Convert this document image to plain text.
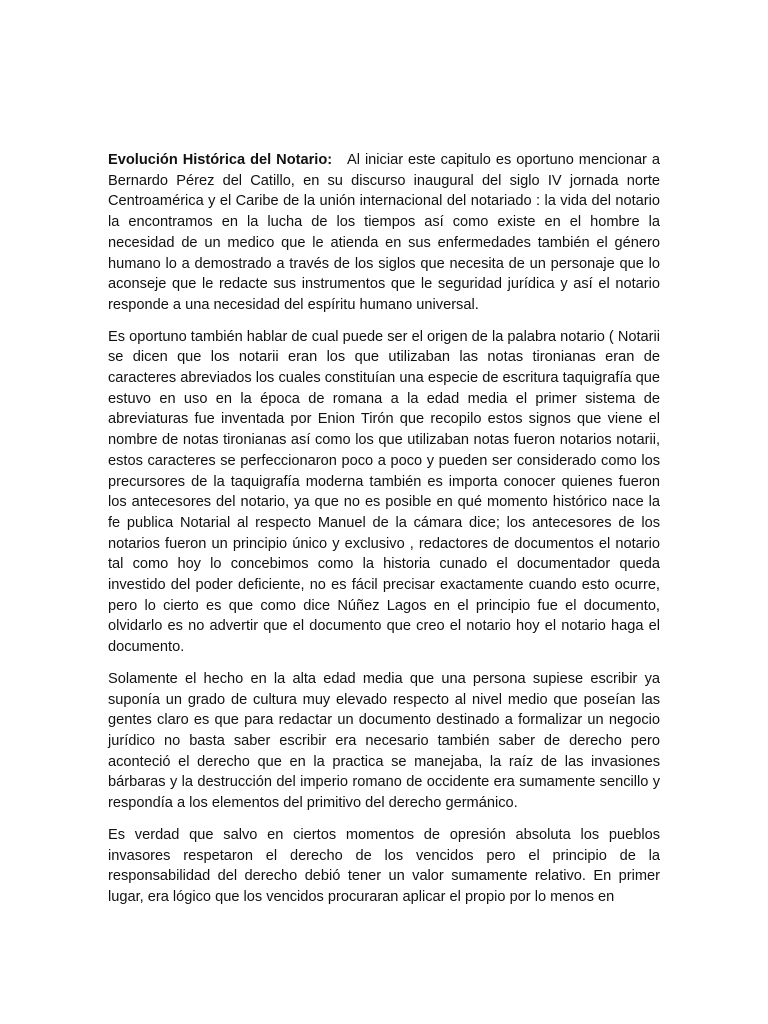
Evolución Histórica del Notario:   Al iniciar este capitulo es oportuno mencionar a Bernardo Pérez del Catillo, en su discurso inaugural del siglo IV jornada norte Centroamérica y el Caribe de la unión internacional del notariado : la vida del notario la encontramos en la lucha de los tiempos así como existe en el hombre la necesidad de un medico que le atienda en sus enfermedades también el género humano lo a demostrado a través de los siglos que necesita de un personaje que lo aconseje que le redacte sus instrumentos que le seguridad jurídica y así el notario responde a una necesidad del espíritu humano universal.

Es oportuno también hablar de cual puede ser el origen de la palabra notario ( Notarii se dicen que los notarii eran los que utilizaban las notas tironianas eran de caracteres abreviados los cuales constituían una especie de escritura taquigrafía que estuvo en uso en la época de romana a la edad media el primer sistema de abreviaturas fue inventada por Enion Tirón que recopilo estos signos que viene el nombre de notas tironianas así como los que utilizaban notas fueron notarios notarii, estos caracteres se perfeccionaron poco a poco y pueden ser considerado como los precursores de la taquigrafía moderna también es importa conocer quienes fueron los antecesores del notario, ya que no es posible en qué momento histórico nace la fe publica Notarial al respecto Manuel de la cámara dice; los antecesores de los notarios fueron un principio único y exclusivo , redactores de documentos el notario tal como hoy lo concebimos como la historia cunado el documentador queda investido del poder deficiente, no es fácil precisar exactamente cuando esto ocurre, pero lo cierto es que como dice Núñez Lagos en el principio fue el documento, olvidarlo es no advertir que el documento que creo el notario hoy el notario haga el documento.

Solamente el hecho en la alta edad media que una persona supiese escribir ya suponía un grado de cultura muy elevado respecto al nivel medio que poseían las gentes claro es que para redactar un documento destinado a formalizar un negocio jurídico no basta saber escribir era necesario también saber de derecho pero aconteció el derecho que en la practica se manejaba, la raíz de las invasiones bárbaras y la destrucción del imperio romano de occidente era sumamente sencillo y respondía a los elementos del primitivo del derecho germánico.

Es verdad que salvo en ciertos momentos de opresión absoluta los pueblos invasores respetaron el derecho de los vencidos pero el principio de la responsabilidad del derecho debió tener un valor sumamente relativo. En primer lugar, era lógico que los vencidos procuraran aplicar el propio por lo menos en
